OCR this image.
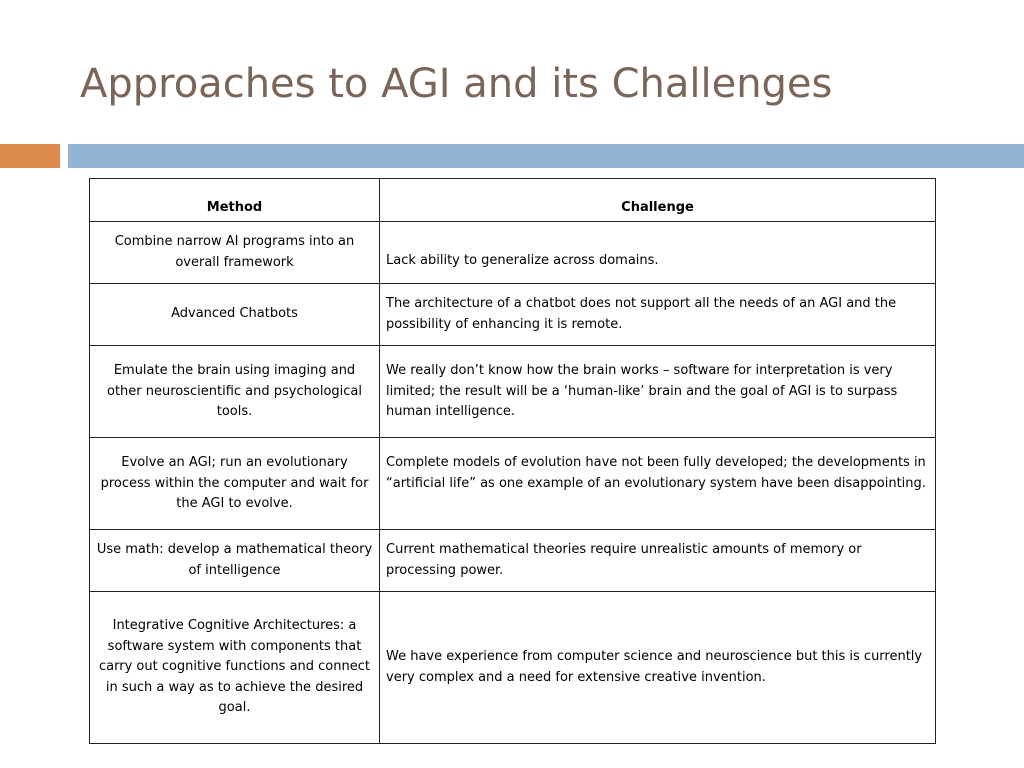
Approaches to AGI and its Challenges
Method	Challenge
Combine narrow AI programs into an overall framework	Lack ability to generalize across domains.
Advanced Chatbots	The architecture of a chatbot does not support all the needs of an AGI and the possibility of enhancing it is remote.
Emulate the brain using imaging and other neuroscientific and psychological tools.	We really don’t know how the brain works – software for interpretation is very limited; the result will be a ‘human-like’ brain and the goal of AGI is to surpass human intelligence.
Evolve an AGI; run an evolutionary process within the computer and wait for the AGI to evolve.	Complete models of evolution have not been fully developed; the developments in “artificial life” as one example of an evolutionary system have been disappointing.
Use math: develop a mathematical theory of intelligence	Current mathematical theories require unrealistic amounts of memory or processing power.
Integrative Cognitive Architectures: a software system with components that carry out cognitive functions and connect in such a way as to achieve the desired goal.	We have experience from computer science and neuroscience but this is currently very complex and a need for extensive creative invention.
